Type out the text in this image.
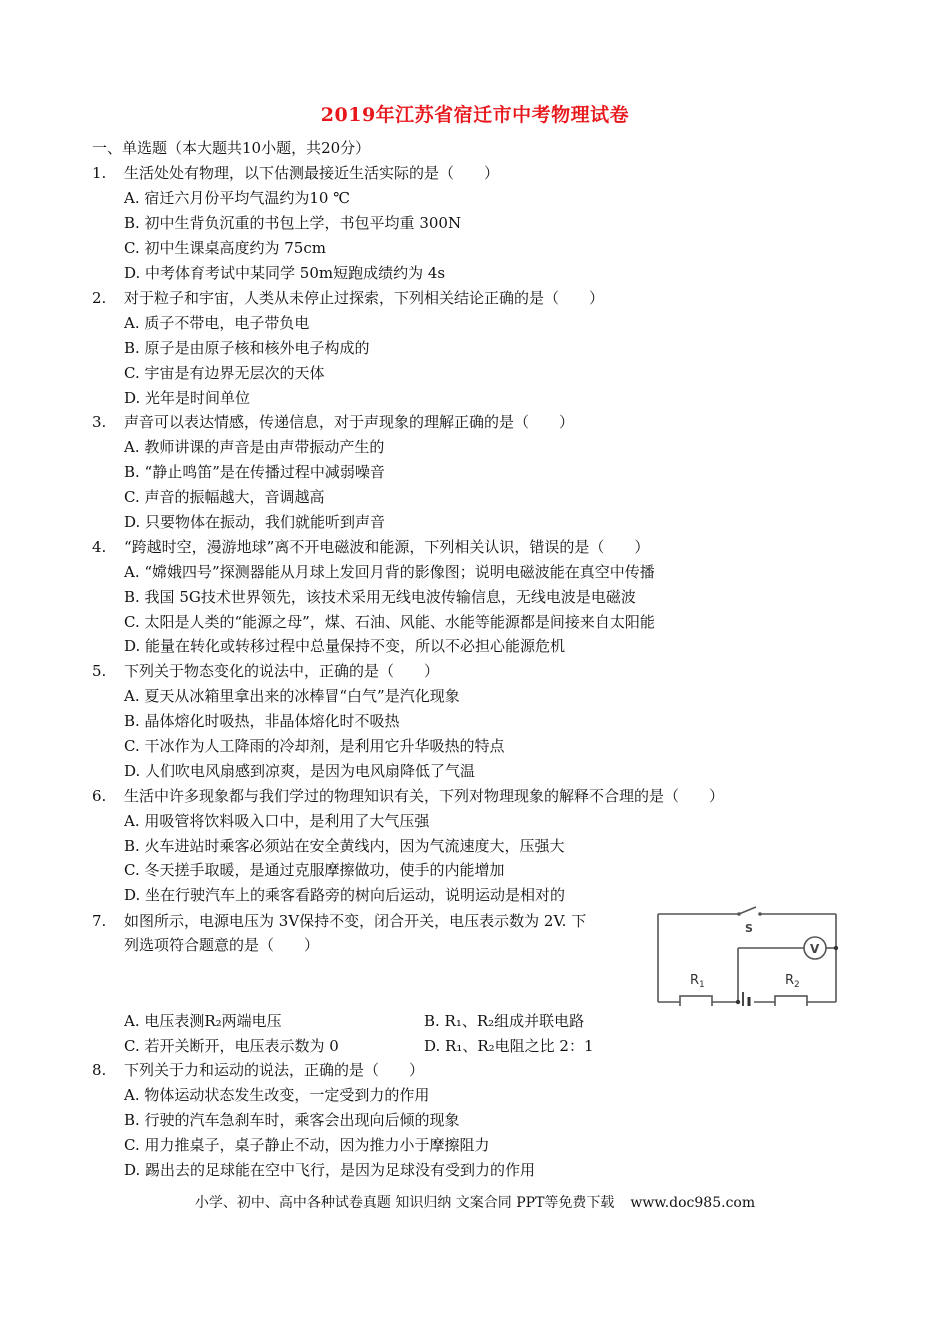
2019年江苏省宿迁市中考物理试卷
一、单选题（本大题共10小题，共20分）
1. 生活处处有物理，以下估测最接近生活实际的是（　　）
A. 宿迁六月份平均气温约为10 ℃
B. 初中生背负沉重的书包上学，书包平均重 300N
C. 初中生课桌高度约为 75cm
D. 中考体育考试中某同学 50m短跑成绩约为 4s
2. 对于粒子和宇宙，人类从未停止过探索，下列相关结论正确的是（　　）
A. 质子不带电，电子带负电
B. 原子是由原子核和核外电子构成的
C. 宇宙是有边界无层次的天体
D. 光年是时间单位
3. 声音可以表达情感，传递信息，对于声现象的理解正确的是（　　）
A. 教师讲课的声音是由声带振动产生的
B. “静止鸣笛”是在传播过程中减弱噪音
C. 声音的振幅越大，音调越高
D. 只要物体在振动，我们就能听到声音
4. “跨越时空，漫游地球”离不开电磁波和能源，下列相关认识，错误的是（　　）
A. “嫦娥四号”探测器能从月球上发回月背的影像图；说明电磁波能在真空中传播
B. 我国 5G技术世界领先，该技术采用无线电波传输信息，无线电波是电磁波
C. 太阳是人类的“能源之母”，煤、石油、风能、水能等能源都是间接来自太阳能
D. 能量在转化或转移过程中总量保持不变，所以不必担心能源危机
5. 下列关于物态变化的说法中，正确的是（　　）
A. 夏天从冰箱里拿出来的冰棒冒“白气”是汽化现象
B. 晶体熔化时吸热，非晶体熔化时不吸热
C. 干冰作为人工降雨的冷却剂，是利用它升华吸热的特点
D. 人们吹电风扇感到凉爽，是因为电风扇降低了气温
6. 生活中许多现象都与我们学过的物理知识有关，下列对物理现象的解释不合理的是（　　）
A. 用吸管将饮料吸入口中，是利用了大气压强
B. 火车进站时乘客必须站在安全黄线内，因为气流速度大，压强大
C. 冬天搓手取暖，是通过克服摩擦做功，使手的内能增加
D. 坐在行驶汽车上的乘客看路旁的树向后运动，说明运动是相对的
7. 如图所示，电源电压为 3V保持不变，闭合开关，电压表示数为 2V. 下
列选项符合题意的是（　　）
A. 电压表测R₂两端电压	B. R₁、R₂组成并联电路
C. 若开关断开，电压表示数为 0	D. R₁、R₂电阻之比 2：1
S
V
$R_1$	$R_2$
8. 下列关于力和运动的说法，正确的是（　　）
A. 物体运动状态发生改变，一定受到力的作用
B. 行驶的汽车急刹车时，乘客会出现向后倾的现象
C. 用力推桌子，桌子静止不动，因为推力小于摩擦阻力
D. 踢出去的足球能在空中飞行，是因为足球没有受到力的作用
小学、初中、高中各种试卷真题 知识归纳 文案合同 PPT等免费下载 www.doc985.com
